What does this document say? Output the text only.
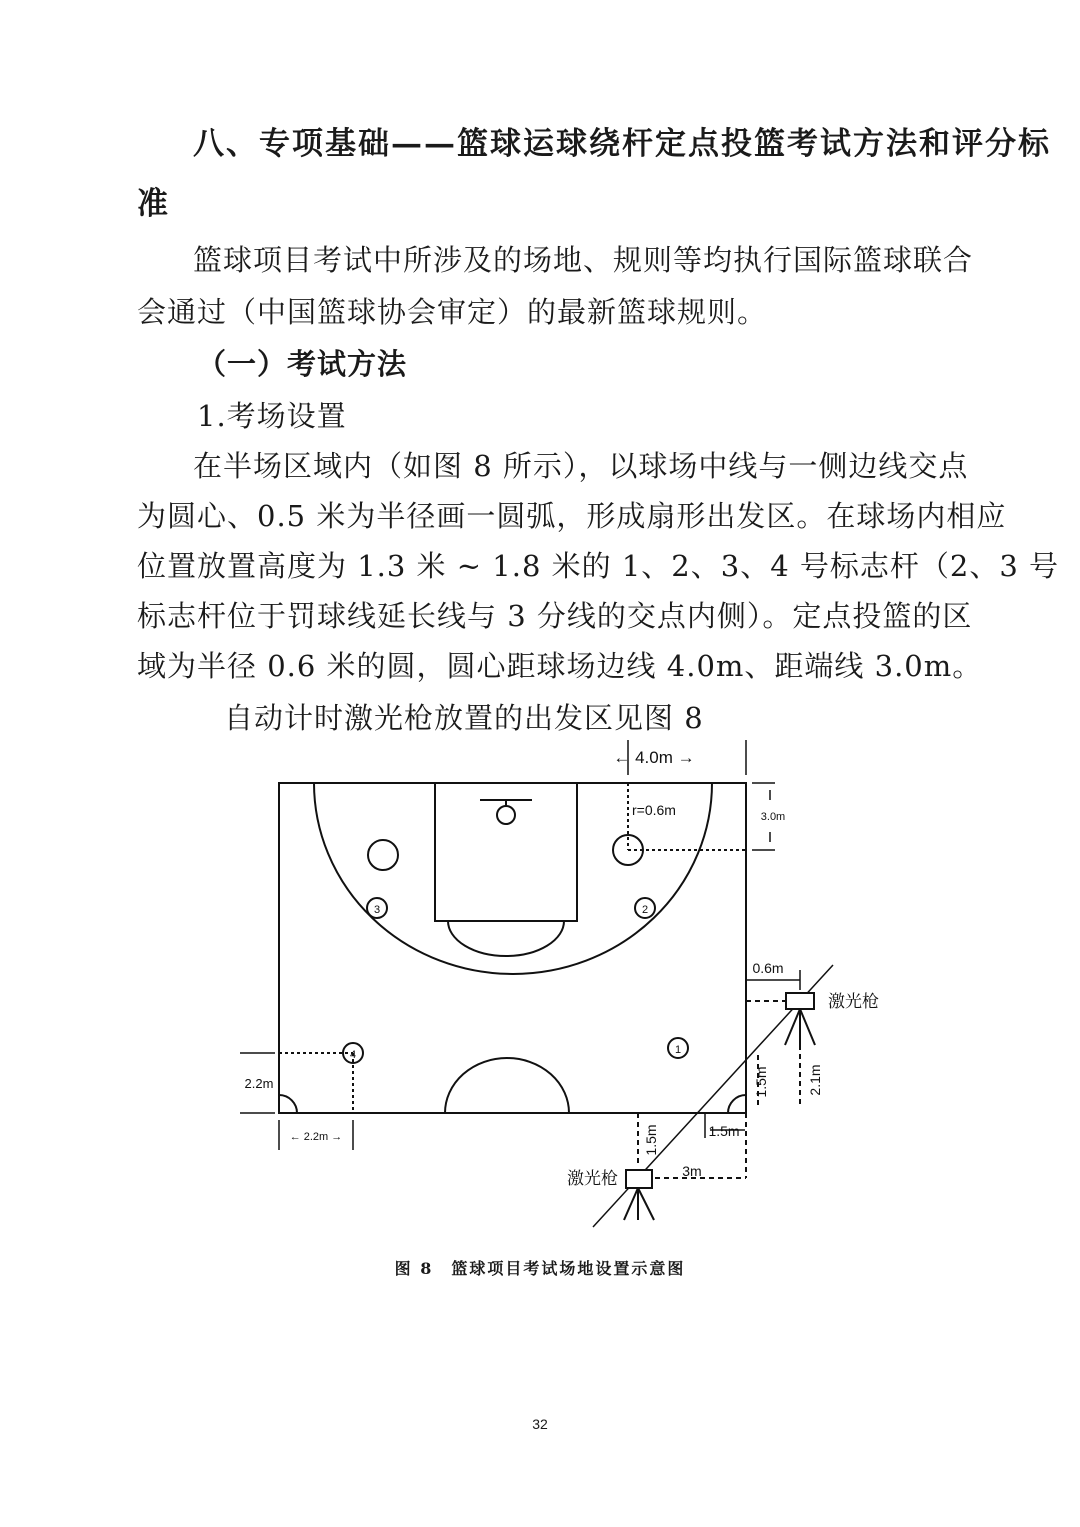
八、专项基础——篮球运球绕杆定点投篮考试方法和评分标
准
篮球项目考试中所涉及的场地、规则等均执行国际篮球联合
会通过（中国篮球协会审定）的最新篮球规则。
（一）考试方法
1.考场设置
在半场区域内（如图 8 所示），以球场中线与一侧边线交点
为圆心、0.5 米为半径画一圆弧，形成扇形出发区。在球场内相应
位置放置高度为 1.3 米 ~ 1.8 米的 1、2、3、4 号标志杆（2、3 号
标志杆位于罚球线延长线与 3 分线的交点内侧）。定点投篮的区
域为半径 0.6 米的圆，圆心距球场边线 4.0m、距端线 3.0m。
自动计时激光枪放置的出发区见图 8
← 4.0m →
r=0.6m	3.0m
0.6m
激光枪
激光枪
2.2m
← 2.2m →
1.5m	2.1m
1.5m
1.5m
3m
3	2
4	1
图 8　篮球项目考试场地设置示意图
32
